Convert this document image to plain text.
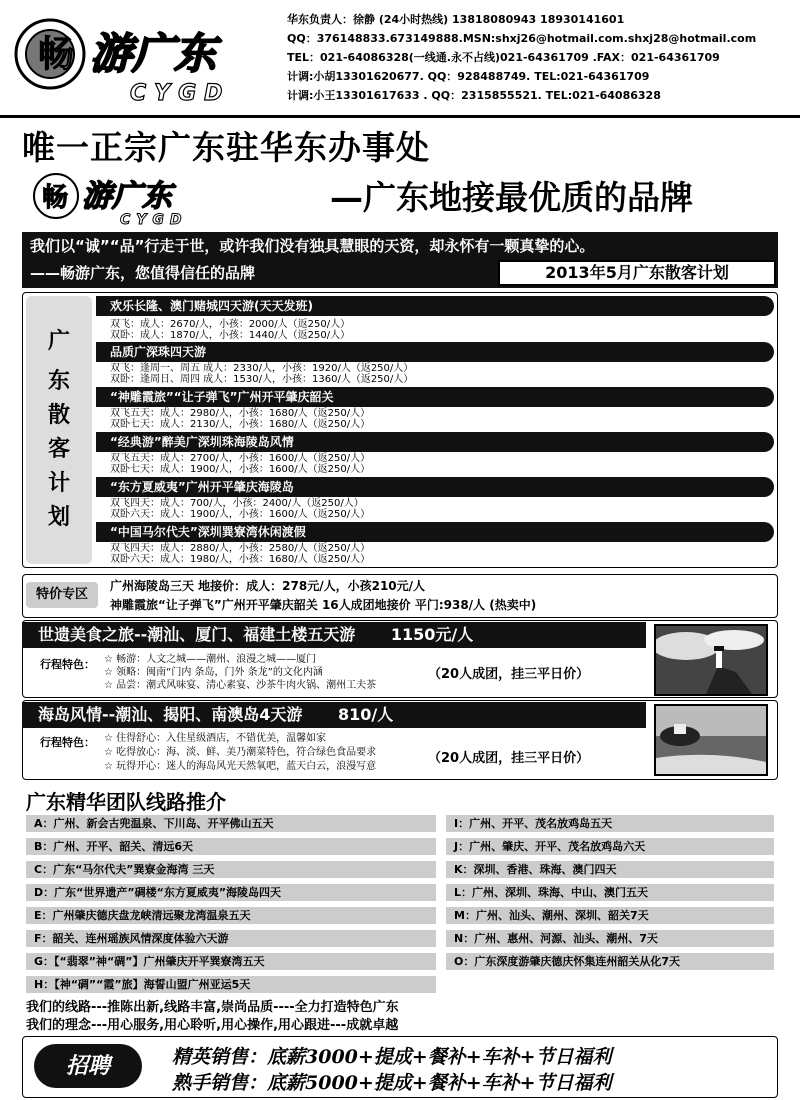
畅 游广东
CYGD
华东负责人：徐静 (24小时热线) 13818080943 18930141601
QQ：376148833.673149888.MSN:shxj26@hotmail.com.shxj28@hotmail.com
TEL：021-64086328(一线通.永不占线)021-64361709 .FAX：021-64361709
计调:小胡13301620677. QQ：928488749. TEL:021-64361709
计调:小王13301617633 . QQ：2315855521. TEL:021-64086328
唯一正宗广东驻华东办事处
畅 游广东
CYGD
—广东地接最优质的品牌
我们以“诚”“品”行走于世，或许我们没有独具慧眼的天资，却永怀有一颗真挚的心。
——畅游广东，您值得信任的品牌	2013年5月广东散客计划
广
东
散
客
计
划
欢乐长隆、澳门赌城四天游(天天发班)
双飞：成人：2670/人，小孩：2000/人（返250/人）
双卧：成人：1870/人，小孩：1440/人（返250/人）
品质广深珠四天游
双飞：逢周一、周五 成人：2330/人，小孩：1920/人（返250/人）
双卧：逢周日、周四 成人：1530/人，小孩：1360/人（返250/人）
“神雕霞旅”“让子弹飞”广州开平肇庆韶关
双飞五天：成人：2980/人，小孩：1680/人（返250/人）
双卧七天：成人：2130/人，小孩：1680/人（返250/人）
“经典游”醉美广深圳珠海陵岛风情
双飞五天：成人：2700/人，小孩：1600/人（返250/人）
双卧七天：成人：1900/人，小孩：1600/人（返250/人）
“东方夏威夷”广州开平肇庆海陵岛
双飞四天：成人：700/人，小孩：2400/人（返250/人）
双卧六天：成人：1900/人，小孩：1600/人（返250/人）
“中国马尔代夫”深圳巽寮湾休闲渡假
双飞四天：成人：2880/人，小孩：2580/人（返250/人）
双卧六天：成人：1980/人，小孩：1680/人（返250/人）
特价专区
广州海陵岛三天 地接价：成人：278元/人，小孩210元/人
神雕霞旅“让子弹飞”广州开平肇庆韶关 16人成团地接价 平门:938/人 (热卖中)
世遗美食之旅--潮汕、厦门、福建土楼五天游 1150元/人
行程特色： ☆ 畅游：人文之城——潮州、浪漫之城——厦门
☆ 领略：闽南“门内 条岛，门外 条龙”的文化内涵
☆ 品尝：潮式风味宴、清心素宴、沙茶牛肉火锅、潮州工夫茶
（20人成团，挂三平日价）
海岛风情--潮汕、揭阳、南澳岛4天游 810/人
行程特色： ☆ 住得舒心：入住星级酒店，不错优美，温馨如家
☆ 吃得放心：海、淡、鲜、美乃潮菜特色，符合绿色食品要求
☆ 玩得开心：迷人的海岛风光天然氧吧，蓝天白云，浪漫写意
（20人成团，挂三平日价）
广东精华团队线路推介
A：广州、新会古兜温泉、下川岛、开平佛山五天
B：广州、开平、韶关、清远6天
C：广东“马尔代夫”巽寮金海湾 三天
D：广东“世界遗产”碉楼“东方夏威夷”海陵岛四天
E：广州肇庆德庆盘龙峡清远聚龙湾温泉五天
F：韶关、连州瑶族风情深度体验六天游
G：【“翡翠”神“碉”】广州肇庆开平巽寮湾五天
H：【神“碉”“霞”旅】海誓山盟广州亚运5天
I：广州、开平、茂名放鸡岛五天
J：广州、肇庆、开平、茂名放鸡岛六天
K：深圳、香港、珠海、澳门四天
L：广州、深圳、珠海、中山、澳门五天
M：广州、汕头、潮州、深圳、韶关7天
N：广州、惠州、河源、汕头、潮州、7天
O：广东深度游肇庆德庆怀集连州韶关从化7天
我们的线路---推陈出新,线路丰富,崇尚品质----全力打造特色广东
我们的理念---用心服务,用心聆听,用心操作,用心跟进---成就卓越
招聘	精英销售：底薪3000+提成+餐补+车补+节日福利
熟手销售：底薪5000+提成+餐补+车补+节日福利
